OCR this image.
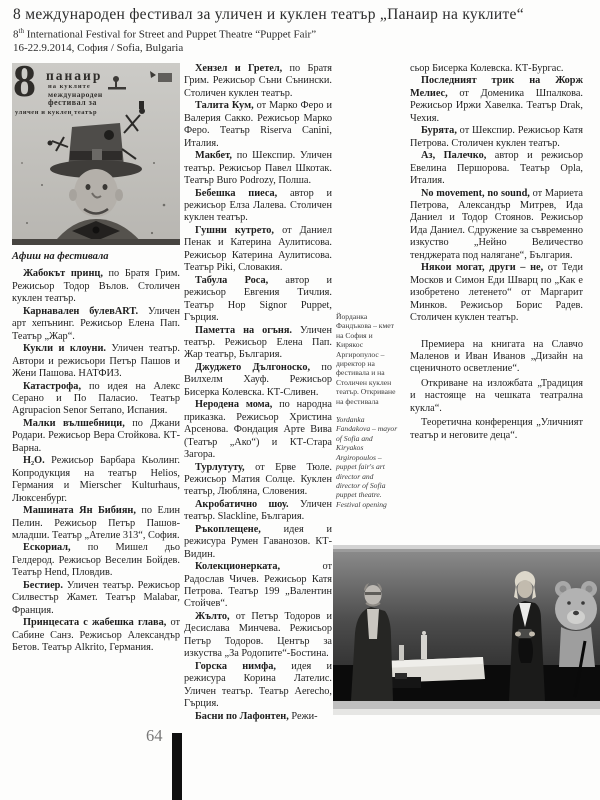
8 международен фестивал за уличен и куклен театър „Панаир на куклите“
8th International Festival for Street and Puppet Theatre “Puppet Fair”
16-22.9.2014, София / Sofia, Bulgaria
8 панаир
на куклите
международен
фестивал за
уличен и куклен театър
Афиш на фестивала

Жабокът принц, по Братя Грим. Режисьор Тодор Вълов. Столичен куклен театър.

Карнавален булевART. Уличен арт хепънинг. Режисьор Елена Пап. Театър „Жар“.

Кукли и клоуни. Уличен театър. Автори и режисьори Петър Пашов и Жени Пашова. НАТФИЗ.

Катастрофа, по идея на Алекс Серано и По Паласио. Театър Agrupacion Senor Serrano, Испания.

Малки вълшебници, по Джани Родари. Режисьор Вера Стойкова. КТ-Варна.

H₂O. Режисьор Барбара Кьолинг. Копродукция на театър Helios, Германия и Mierscher Kulturhaus, Люксенбург.

Машината Ян Бибиян, по Елин Пелин. Режисьор Петър Пашов-младши. Театър „Ателие 313“, София.

Ескориал, по Мишел дьо Гелдерод. Режисьор Веселин Бойдев. Театър Hend, Пловдив.

Бестиер. Уличен театър. Режисьор Силвестър Жамет. Театър Malabar, Франция.

Принцесата с жабешка глава, от Сабине Санз. Режисьор Александър Бетов. Театър Alkrito, Германия.

Хензел и Гретел, по Братя Грим. Режисьор Съни Сънински. Столичен куклен театър.

Талита Кум, от Марко Феро и Валерия Сакко. Режисьор Марко Феро. Театър Riserva Canini, Италия.

Макбет, по Шекспир. Уличен театър. Режисьор Павел Шкотак. Театър Buro Podrozy, Полша.

Бебешка пиеса, автор и режисьор Елза Лалева. Столичен куклен театър.

Гушни кутрето, от Даниел Пенак и Катерина Аулитисова. Режисьор Катерина Аулитисова. Театър Piki, Словакия.

Табула Роса, автор и режисьор Евгения Тичлия. Театър Hop Signor Puppet, Гърция.

Паметта на огъня. Уличен театър. Режисьор Елена Пап. Жар театър, България.

Джуджето Дългоноско, по Вилхелм Хауф. Режисьор Бисерка Колевска. КТ-Сливен.

Неродена мома, по народна приказка. Режисьор Христина Арсенова. Фондация Арте Вива (Театър „Ако“) и КТ-Стара Загора.

Турлутуту, от Ерве Тюле. Режисьор Матия Солце. Куклен театър, Любляна, Словения.

Акробатично шоу. Уличен театър. Slackline, България.

Ръкоплещене, идея и режисура Румен Гаванозов. КТ-Видин.

Колекционерката, от Радослав Чичев. Режисьор Катя Петрова. Театър 199 „Валентин Стойчев“.

Жълто, от Петър Тодоров и Десислава Минчева. Режисьор Петър Тодоров. Център за изкуства „За Родопите“-Бостина.

Горска нимфа, идея и режисура Корина Лателис. Уличен театър. Театър Aerecho, Гърция.

Басни по Лафонтен, Режи-

сьор Бисерка Колевска. КТ-Бургас.

Последният трик на Жорж Мелиес, от Доменика Шпалкова. Режисьор Иржи Хавелка. Театър Drak, Чехия.

Бурята, от Шекспир. Режисьор Катя Петрова. Столичен куклен театър.

Аз, Палечко, автор и режисьор Евелина Першорова. Театър Opla, Италия.

No movement, no sound, от Мариета Петрова, Александър Митрев, Ида Даниел и Тодор Стоянов. Режисьор Ида Даниел. Сдружение за съвременно изкуство „Нейно Величество тенджерата под налягане“, България.

Някои могат, други – не, от Теди Москов и Симон Еди Шварц по „Как е изобретено летенето“ от Маргарит Минков. Режисьор Борис Радев. Столичен куклен театър.

Премиера на книгата на Славчо Маленов и Иван Иванов „Дизайн на сценичното осветление“.

Откриване на изложбата „Традиция и настояще на чешката театрална кукла“.

Теоретична конференция „Уличният театър и неговите деца“.

Йорданка Фандъкова – кмет на София и Кирякос Аргиропулос – директор на фестивала и на Столичен куклен театър. Откриване на фестивала

Yordanka Fandakova – mayor of Sofia and Kiryakos Argiropoulos – puppet fair's art director and director of Sofia puppet theatre. Festival opening

64
